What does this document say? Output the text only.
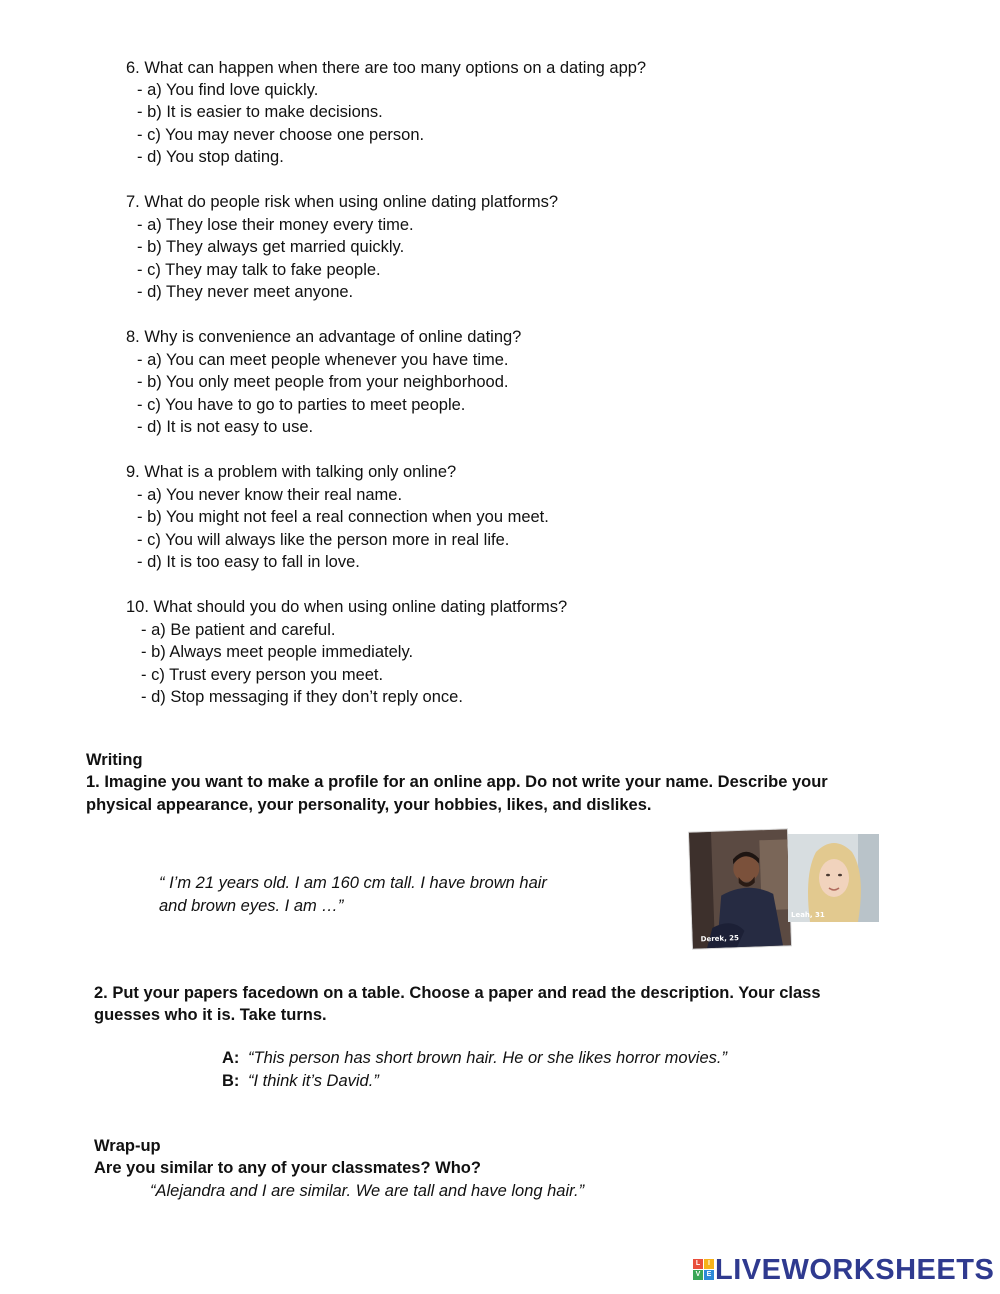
6. What can happen when there are too many options on a dating app?
- a) You find love quickly.
- b) It is easier to make decisions.
- c) You may never choose one person.
- d) You stop dating.
7. What do people risk when using online dating platforms?
- a) They lose their money every time.
- b) They always get married quickly.
- c) They may talk to fake people.
- d) They never meet anyone.
8. Why is convenience an advantage of online dating?
- a) You can meet people whenever you have time.
- b) You only meet people from your neighborhood.
- c) You have to go to parties to meet people.
- d) It is not easy to use.
9. What is a problem with talking only online?
- a) You never know their real name.
- b) You might not feel a real connection when you meet.
- c) You will always like the person more in real life.
- d) It is too easy to fall in love.
10. What should you do when using online dating platforms?
- a) Be patient and careful.
- b) Always meet people immediately.
- c) Trust every person you meet.
- d) Stop messaging if they don’t reply once.
Writing
1. Imagine you want to make a profile for an online app. Do not write your name. Describe your
physical appearance, your personality, your hobbies, likes, and dislikes.
“ I’m 21 years old. I am 160 cm tall. I have brown hair
and brown eyes. I am …”
Derek, 25
Leah, 31
2. Put your papers facedown on a table. Choose a paper and read the description. Your class
guesses who it is. Take turns.
A: “This person has short brown hair. He or she likes horror movies.”
B: “I think it’s David.”
Wrap-up
Are you similar to any of your classmates? Who?
“Alejandra and I are similar. We are tall and have long hair.”
L	I
V E LIVEWORKSHEETS
